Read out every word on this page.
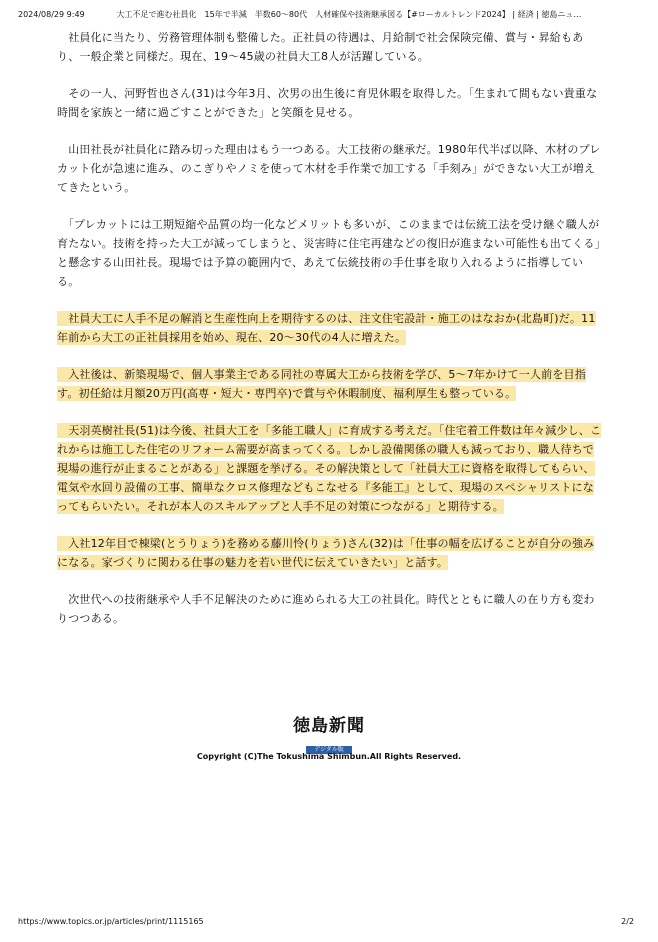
2024/08/29 9:49	大工不足で進む社員化　15年で半減　半数60～80代　人材確保や技術継承図る【#ローカルトレンド2024】 | 経済 | 徳島ニュ…

　社員化に当たり、労務管理体制も整備した。正社員の待遇は、月給制で社会保険完備、賞与・昇給もあり、一般企業と同様だ。現在、19～45歳の社員大工8人が活躍している。

　その一人、河野哲也さん(31)は今年3月、次男の出生後に育児休暇を取得した。「生まれて間もない貴重な時間を家族と一緒に過ごすことができた」と笑顔を見せる。

　山田社長が社員化に踏み切った理由はもう一つある。大工技術の継承だ。1980年代半ば以降、木材のプレカット化が急速に進み、のこぎりやノミを使って木材を手作業で加工する「手刻み」ができない大工が増えてきたという。

　「プレカットには工期短縮や品質の均一化などメリットも多いが、このままでは伝統工法を受け継ぐ職人が育たない。技術を持った大工が減ってしまうと、災害時に住宅再建などの復旧が進まない可能性も出てくる」と懸念する山田社長。現場では予算の範囲内で、あえて伝統技術の手仕事を取り入れるように指導している。

　社員大工に人手不足の解消と生産性向上を期待するのは、注文住宅設計・施工のはなおか(北島町)だ。11年前から大工の正社員採用を始め、現在、20～30代の4人に増えた。

　入社後は、新築現場で、個人事業主である同社の専属大工から技術を学び、5～7年かけて一人前を目指す。初任給は月額20万円(高専・短大・専門卒)で賞与や休暇制度、福利厚生も整っている。

　天羽英樹社長(51)は今後、社員大工を「多能工職人」に育成する考えだ。「住宅着工件数は年々減少し、これからは施工した住宅のリフォーム需要が高まってくる。しかし設備関係の職人も減っており、職人待ちで現場の進行が止まることがある」と課題を挙げる。その解決策として「社員大工に資格を取得してもらい、電気や水回り設備の工事、簡単なクロス修理などもこなせる『多能工』として、現場のスペシャリストになってもらいたい。それが本人のスキルアップと人手不足の対策につながる」と期待する。

　入社12年目で棟梁(とうりょう)を務める藤川怜(りょう)さん(32)は「仕事の幅を広げることが自分の強みになる。家づくりに関わる仕事の魅力を若い世代に伝えていきたい」と話す。

　次世代への技術継承や人手不足解決のために進められる大工の社員化。時代とともに職人の在り方も変わりつつある。

徳島新聞
デジタル版
Copyright (C)The Tokushima Shimbun.All Rights Reserved.
https://www.topics.or.jp/articles/print/1115165	2/2
